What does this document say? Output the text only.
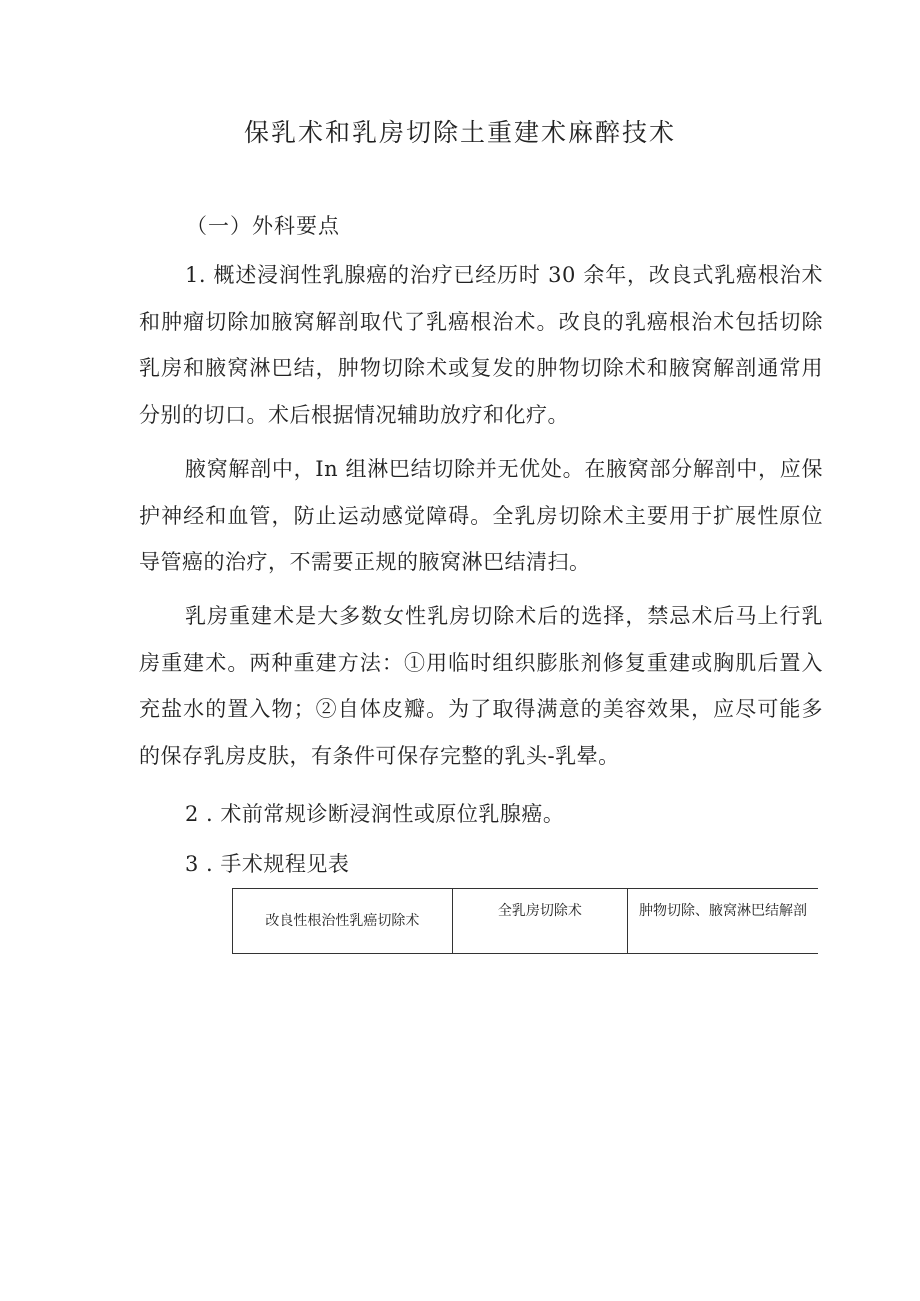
保乳术和乳房切除土重建术麻醉技术

（一）外科要点

1. 概述浸润性乳腺癌的治疗已经历时 30 余年，改良式乳癌根治术和肿瘤切除加腋窝解剖取代了乳癌根治术。改良的乳癌根治术包括切除乳房和腋窝淋巴结，肿物切除术或复发的肿物切除术和腋窝解剖通常用分别的切口。术后根据情况辅助放疗和化疗。

腋窝解剖中，In 组淋巴结切除并无优处。在腋窝部分解剖中，应保护神经和血管，防止运动感觉障碍。全乳房切除术主要用于扩展性原位导管癌的治疗，不需要正规的腋窝淋巴结清扫。

乳房重建术是大多数女性乳房切除术后的选择，禁忌术后马上行乳房重建术。两种重建方法：①用临时组织膨胀剂修复重建或胸肌后置入充盐水的置入物；②自体皮瓣。为了取得满意的美容效果，应尽可能多的保存乳房皮肤，有条件可保存完整的乳头-乳晕。

2 . 术前常规诊断浸润性或原位乳腺癌。

3 . 手术规程见表

改良性根治性乳癌切除术	全乳房切除术	肿物切除、腋窝淋巴结解剖
